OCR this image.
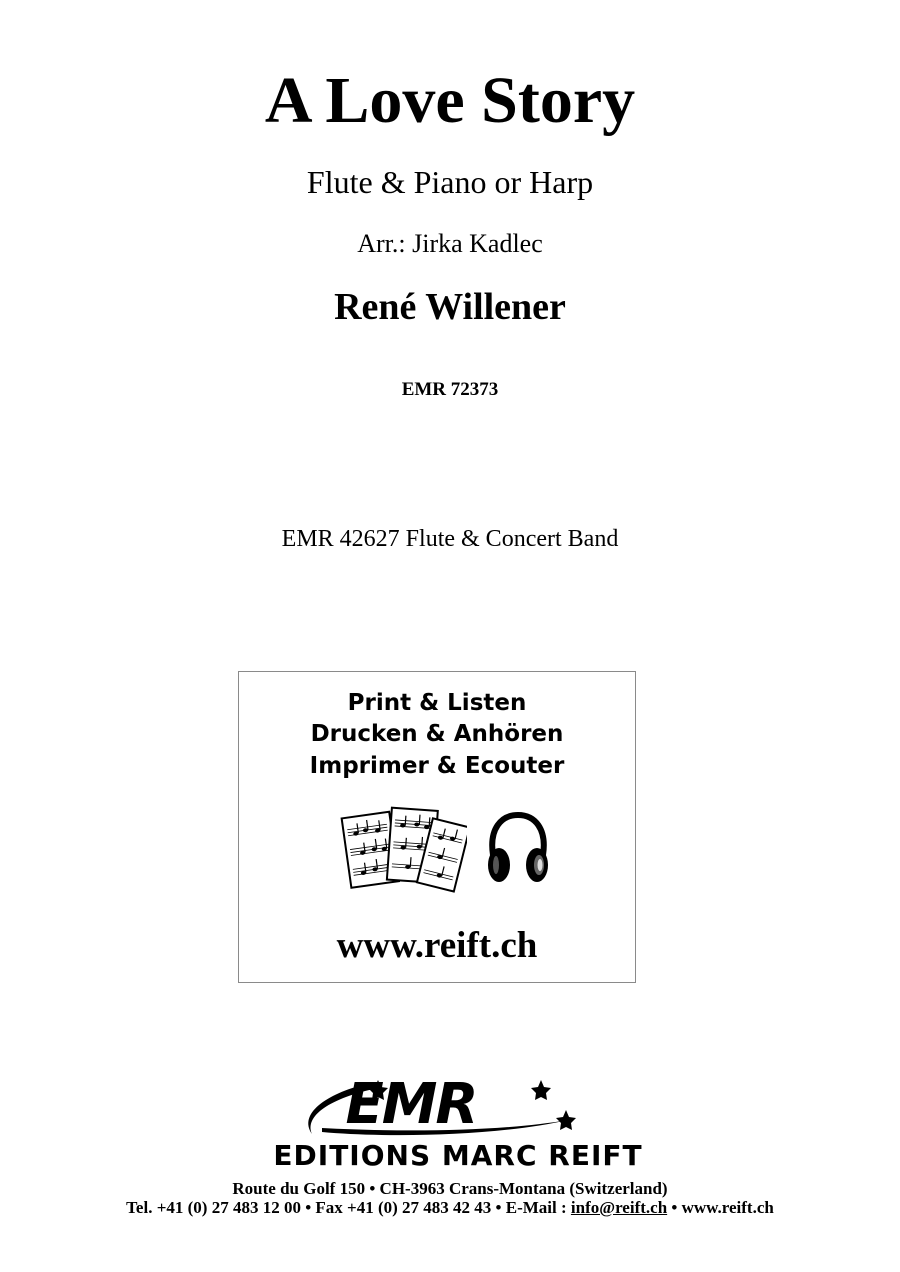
A Love Story
Flute & Piano or Harp
Arr.: Jirka Kadlec
René Willener
EMR 72373
EMR 42627 Flute & Concert Band
Print & Listen
Drucken & Anhören
Imprimer & Ecouter
www.reift.ch
EMR
EDITIONS MARC REIFT
Route du Golf 150 • CH-3963 Crans-Montana (Switzerland)
Tel. +41 (0) 27 483 12 00 • Fax +41 (0) 27 483 42 43 • E-Mail : info@reift.ch • www.reift.ch
